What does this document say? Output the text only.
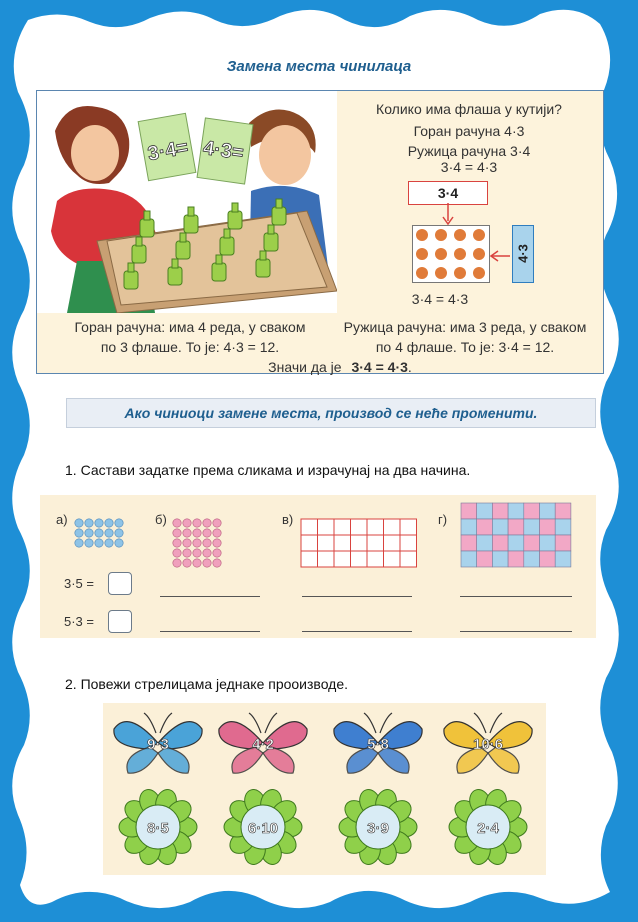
Замена места чинилаца
3·4= 4·3=
Колико има флаша у кутији?
Горан рачуна 4·3
Ружица рачуна 3·4
3·4 = 4·3
3·4
4·3
3·4 = 4·3
Горан рачуна: има 4 реда, у сваком
по 3 флаше. То је: 4·3 = 12.
Ружица рачуна: има 3 реда, у сваком
по 4 флаше. То је: 3·4 = 12.
Значи да је 3·4 = 4·3.
Ако чиниоци замене места, производ се неће променити.
1. Састави задатке према сликама и израчунај на два начина.
а)	б)	в)	г)
3·5 =
5·3 =
2. Повежи стрелицама једнаке прооизводе.
9·3	4·2	5·8	10·6
8·5	6·10	3·9	2·4
